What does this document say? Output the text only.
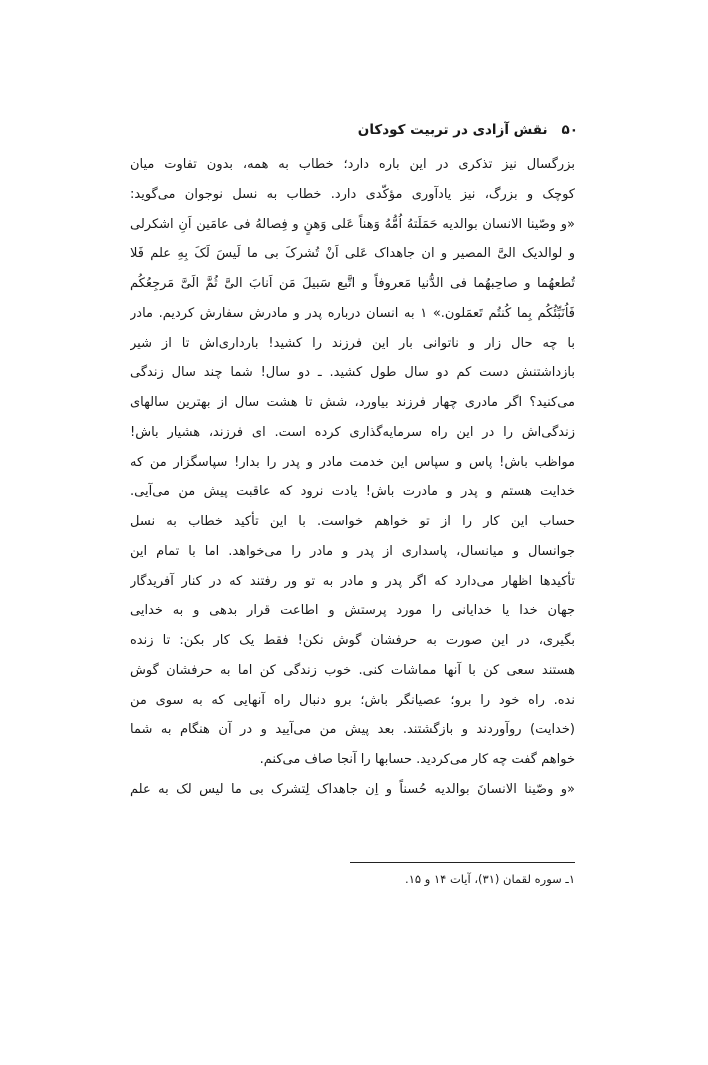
۵۰
نقش آزادی در تربیت کودکان
بزرگسال نیز تذکری در این باره دارد؛ خطاب به همه، بدون تفاوت میان
کوچک و بزرگ، نیز یادآوری مؤکّدی دارد. خطاب به نسل نوجوان می‌گوید:
«و وصّینا الانسان بوالدیه حَمَلَتهُ اُمُّهُ وَهناً عَلی وَهنٍ و فِصالهُ فی عامَین اَنِ اشکرلی
و لوالدیک الیَّ المصیر و ان جاهداک عَلی اَنْ تُشرکَ بی ما لَیسَ لَکَ بِهِ علم فَلا
تُطعهُما و صاحِبهُما فی الدُّنیا مَعروفاً و اتَّبع سَبیلَ مَن اَنابَ الیَّ ثُمَّ الَیَّ مَرجِعُکُم
فَاُنَبِّئُکُم بِما کُنتُم تَعمَلون.» ۱ به انسان درباره پدر و مادرش سفارش کردیم. مادر
با چه حال زار و ناتوانی بار این فرزند را کشید! بارداری‌اش تا از شیر
بازداشتنش دست کم دو سال طول کشید. ـ دو سال! شما چند سال زندگی
می‌کنید؟ اگر مادری چهار فرزند بیاورد، شش تا هشت سال از بهترین سالهای
زندگی‌اش را در این راه سرمایه‌گذاری کرده است. ای فرزند، هشیار باش!
مواظب باش! پاس و سپاس این خدمت مادر و پدر را بدار! سپاسگزار من که
خدایت هستم و پدر و مادرت باش! یادت نرود که عاقبت پیش من می‌آیی.
حساب این کار را از تو خواهم خواست. با این تأکید خطاب به نسل
جوانسال و میانسال، پاسداری از پدر و مادر را می‌خواهد. اما با تمام این
تأکیدها اظهار می‌دارد که اگر پدر و مادر به تو ور رفتند که در کنار آفریدگار
جهان خدا یا خدایانی را مورد پرستش و اطاعت قرار بدهی و به خدایی
بگیری، در این صورت به حرفشان گوش نکن! فقط یک کار بکن: تا زنده
هستند سعی کن با آنها مماشات کنی. خوب زندگی کن اما به حرفشان گوش
نده. راه خود را برو؛ عصیانگر باش؛ برو دنبال راه آنهایی که به سوی من
(خدایت) روآوردند و بازگشتند. بعد پیش من می‌آیید و در آن هنگام به شما
خواهم گفت چه کار می‌کردید. حسابها را آنجا صاف می‌کنم.
«و وصّینا الانسانَ بوالدیه حُسناً و اِن جاهداک لِتشرک بی ما لیس لک به علم
۱ـ سوره لقمان (۳۱)، آیات ۱۴ و ۱۵.
